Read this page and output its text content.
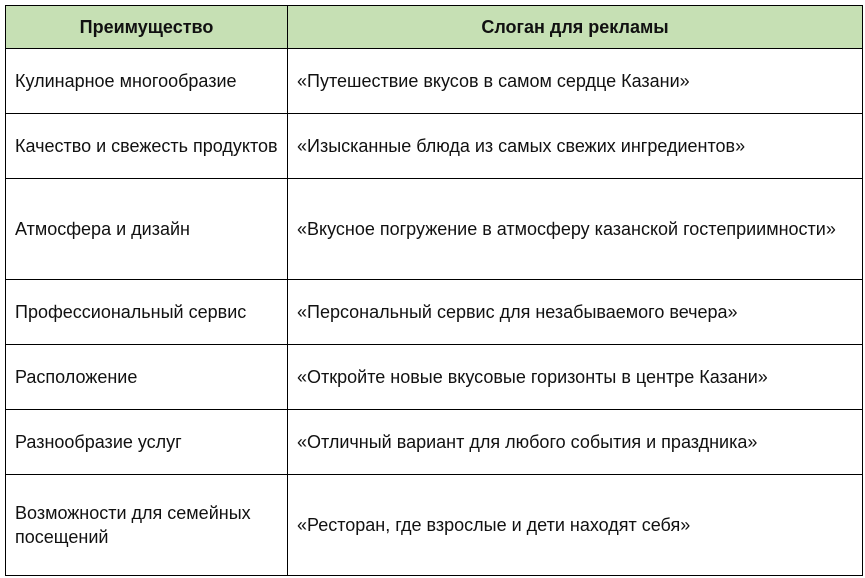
Преимущество	Слоган для рекламы
Кулинарное многообразие	«Путешествие вкусов в самом сердце Казани»
Качество и свежесть продуктов	«Изысканные блюда из самых свежих ингредиентов»
Атмосфера и дизайн	«Вкусное погружение в атмосферу казанской гостеприимности»
Профессиональный сервис	«Персональный сервис для незабываемого вечера»
Расположение	«Откройте новые вкусовые горизонты в центре Казани»
Разнообразие услуг	«Отличный вариант для любого события и праздника»
Возможности для семейных посещений	«Ресторан, где взрослые и дети находят себя»
